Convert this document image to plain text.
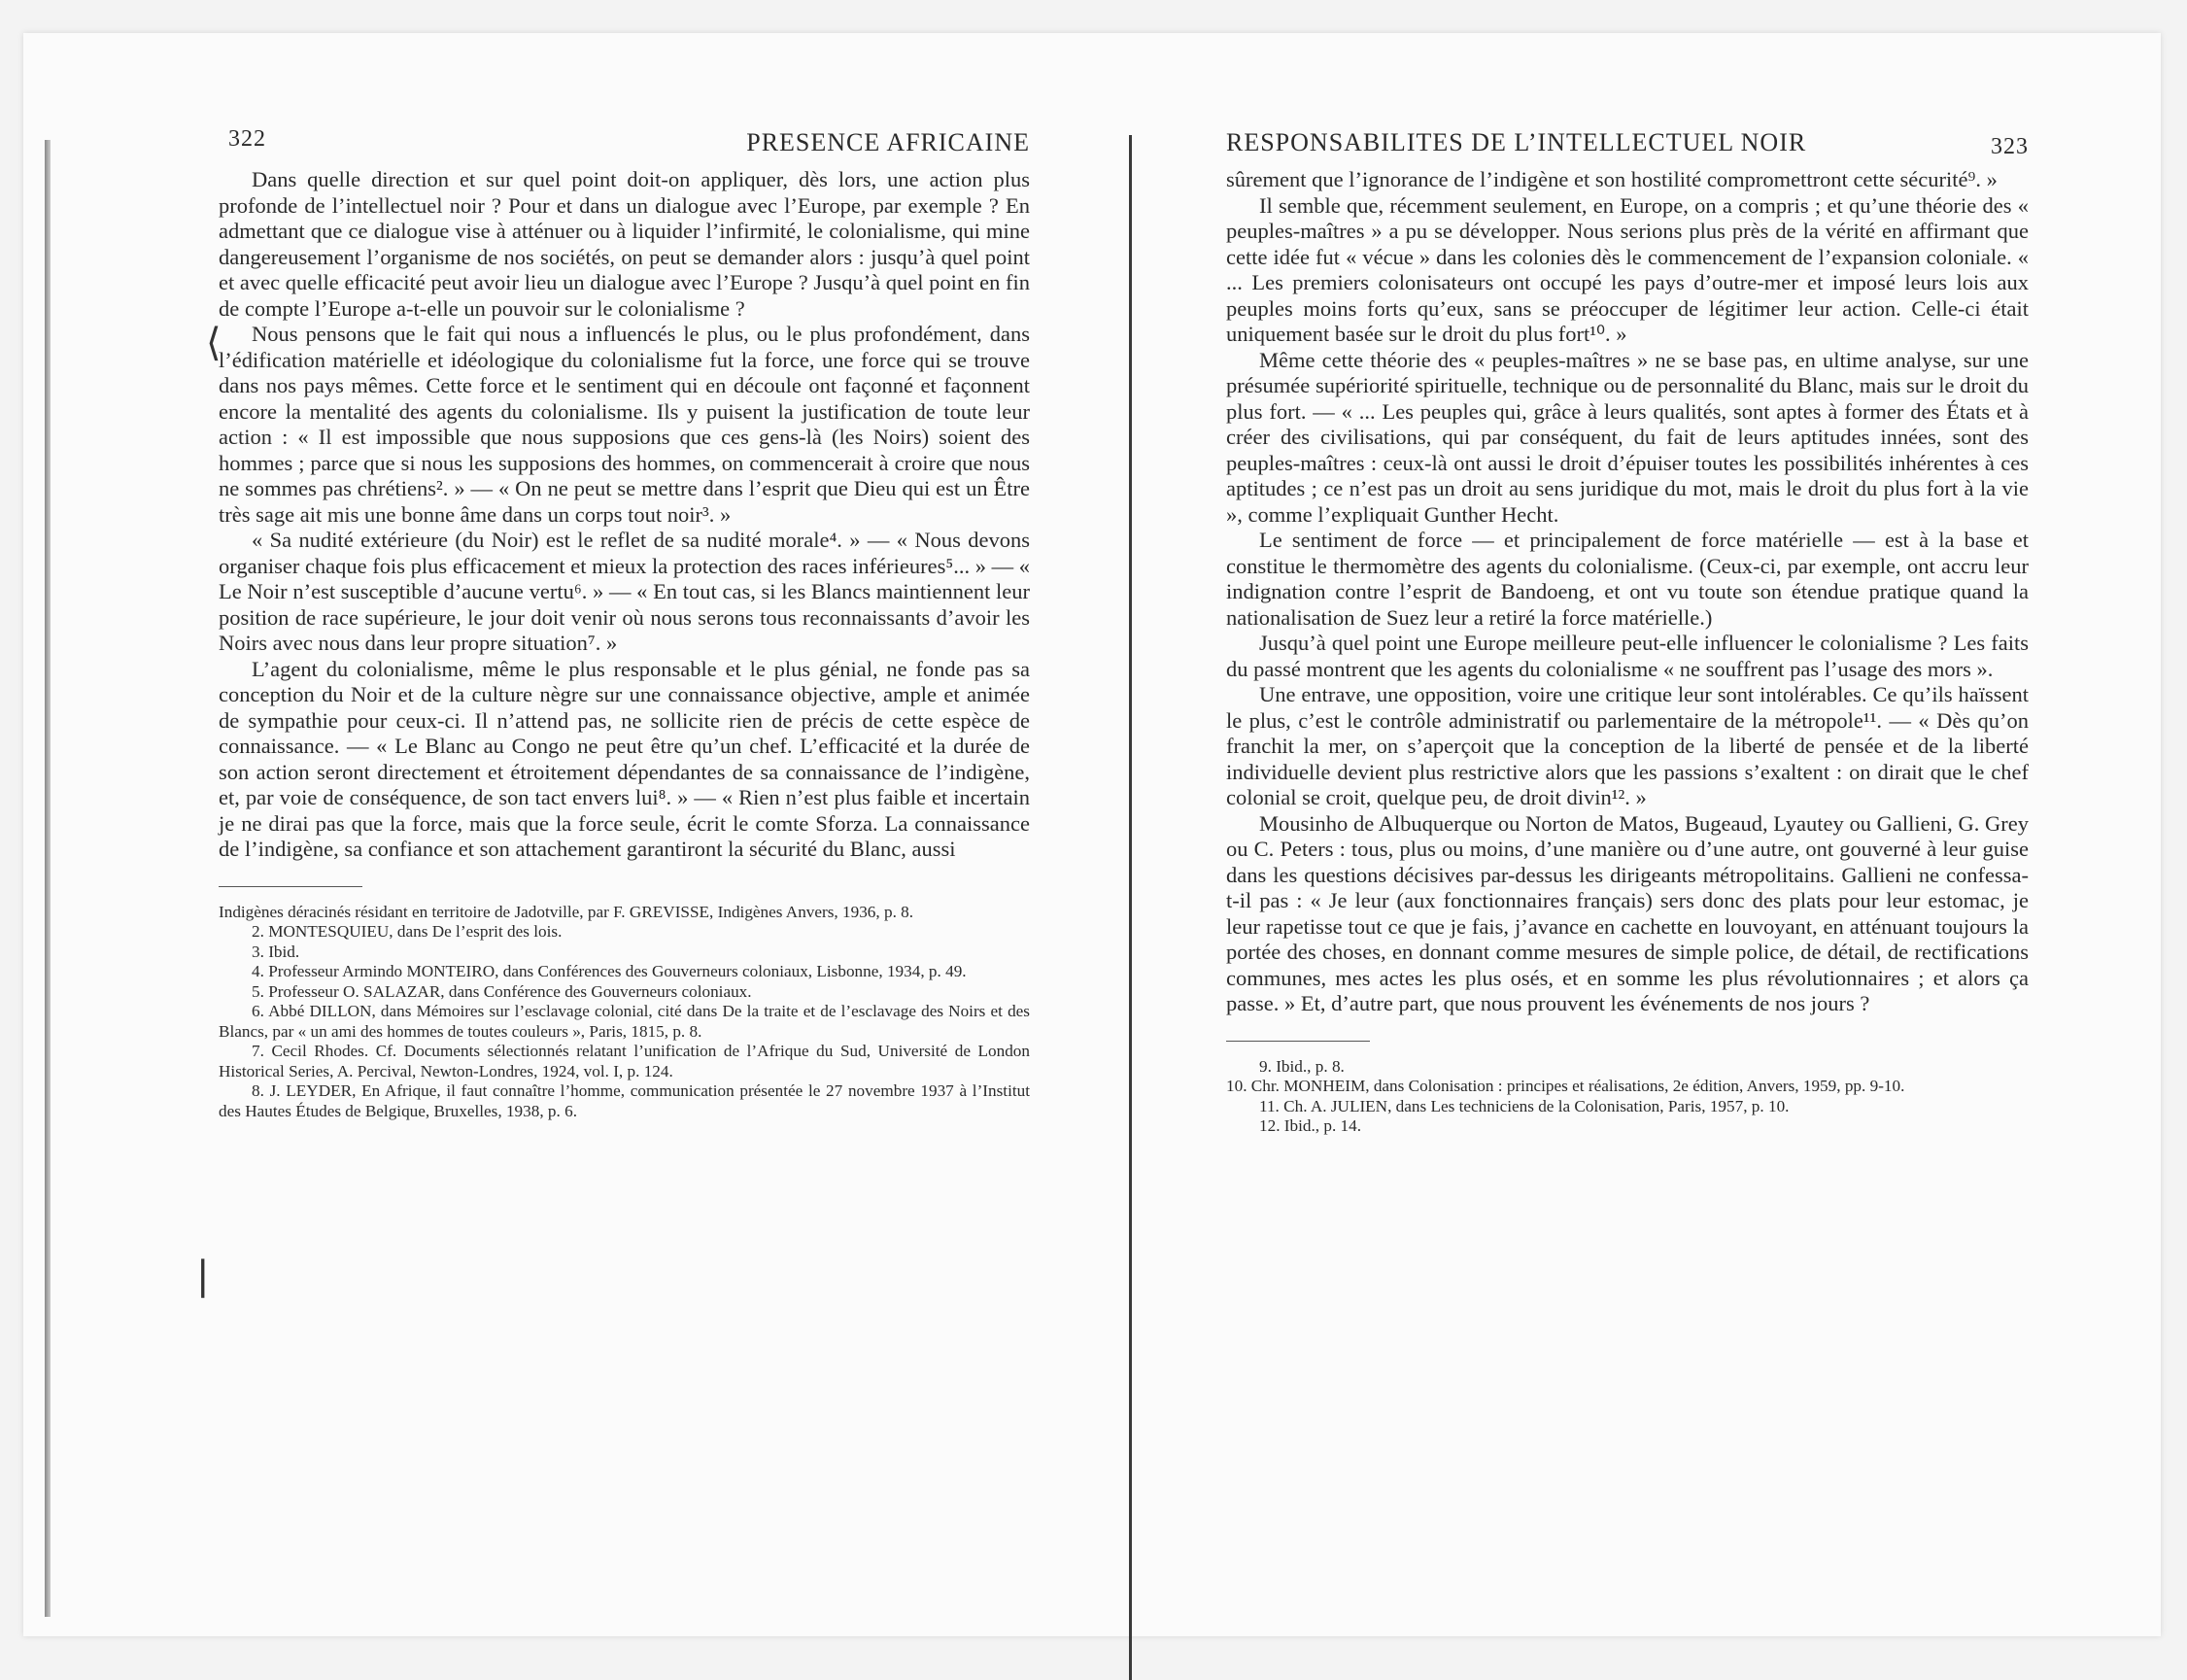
322	PRESENCE AFRICAINE

Dans quelle direction et sur quel point doit-on appliquer, dès lors, une action plus profonde de l’intellectuel noir ? Pour et dans un dialogue avec l’Europe, par exemple ? En admettant que ce dialogue vise à atténuer ou à liquider l’infirmité, le colonialisme, qui mine dangereusement l’organisme de nos sociétés, on peut se demander alors : jusqu’à quel point et avec quelle efficacité peut avoir lieu un dialogue avec l’Europe ? Jusqu’à quel point en fin de compte l’Europe a-t-elle un pouvoir sur le colonialisme ?

Nous pensons que le fait qui nous a influencés le plus, ou le plus profondément, dans l’édification matérielle et idéologique du colonialisme fut la force, une force qui se trouve dans nos pays mêmes. Cette force et le sentiment qui en découle ont façonné et façonnent encore la mentalité des agents du colonialisme. Ils y puisent la justification de toute leur action : « Il est impossible que nous supposions que ces gens-là (les Noirs) soient des hommes ; parce que si nous les supposions des hommes, on commencerait à croire que nous ne sommes pas chrétiens². » — « On ne peut se mettre dans l’esprit que Dieu qui est un Être très sage ait mis une bonne âme dans un corps tout noir³. »

« Sa nudité extérieure (du Noir) est le reflet de sa nudité morale⁴. » — « Nous devons organiser chaque fois plus efficacement et mieux la protection des races inférieures⁵... » — « Le Noir n’est susceptible d’aucune vertu⁶. » — « En tout cas, si les Blancs maintiennent leur position de race supérieure, le jour doit venir où nous serons tous reconnaissants d’avoir les Noirs avec nous dans leur propre situation⁷. »

L’agent du colonialisme, même le plus responsable et le plus génial, ne fonde pas sa conception du Noir et de la culture nègre sur une connaissance objective, ample et animée de sympathie pour ceux-ci. Il n’attend pas, ne sollicite rien de précis de cette espèce de connaissance. — « Le Blanc au Congo ne peut être qu’un chef. L’efficacité et la durée de son action seront directement et étroitement dépendantes de sa connaissance de l’indigène, et, par voie de conséquence, de son tact envers lui⁸. » — « Rien n’est plus faible et incertain je ne dirai pas que la force, mais que la force seule, écrit le comte Sforza. La connaissance de l’indigène, sa confiance et son attachement garantiront la sécurité du Blanc, aussi

Indigènes déracinés résidant en territoire de Jadotville, par F. GREVISSE, Indigènes Anvers, 1936, p. 8.

2. MONTESQUIEU, dans De l’esprit des lois.

3. Ibid.

4. Professeur Armindo MONTEIRO, dans Conférences des Gouverneurs coloniaux, Lisbonne, 1934, p. 49.

5. Professeur O. SALAZAR, dans Conférence des Gouverneurs coloniaux.

6. Abbé DILLON, dans Mémoires sur l’esclavage colonial, cité dans De la traite et de l’esclavage des Noirs et des Blancs, par « un ami des hommes de toutes couleurs », Paris, 1815, p. 8.

7. Cecil Rhodes. Cf. Documents sélectionnés relatant l’unification de l’Afrique du Sud, Université de London Historical Series, A. Percival, Newton-Londres, 1924, vol. I, p. 124.

8. J. LEYDER, En Afrique, il faut connaître l’homme, communication présentée le 27 novembre 1937 à l’Institut des Hautes Études de Belgique, Bruxelles, 1938, p. 6.

RESPONSABILITES DE L’INTELLECTUEL NOIR	323

sûrement que l’ignorance de l’indigène et son hostilité compromettront cette sécurité⁹. »

Il semble que, récemment seulement, en Europe, on a compris ; et qu’une théorie des « peuples-maîtres » a pu se développer. Nous serions plus près de la vérité en affirmant que cette idée fut « vécue » dans les colonies dès le commencement de l’expansion coloniale. « ... Les premiers colonisateurs ont occupé les pays d’outre-mer et imposé leurs lois aux peuples moins forts qu’eux, sans se préoccuper de légitimer leur action. Celle-ci était uniquement basée sur le droit du plus fort¹⁰. »

Même cette théorie des « peuples-maîtres » ne se base pas, en ultime analyse, sur une présumée supériorité spirituelle, technique ou de personnalité du Blanc, mais sur le droit du plus fort. — « ... Les peuples qui, grâce à leurs qualités, sont aptes à former des États et à créer des civilisations, qui par conséquent, du fait de leurs aptitudes innées, sont des peuples-maîtres : ceux-là ont aussi le droit d’épuiser toutes les possibilités inhérentes à ces aptitudes ; ce n’est pas un droit au sens juridique du mot, mais le droit du plus fort à la vie », comme l’expliquait Gunther Hecht.

Le sentiment de force — et principalement de force matérielle — est à la base et constitue le thermomètre des agents du colonialisme. (Ceux-ci, par exemple, ont accru leur indignation contre l’esprit de Bandoeng, et ont vu toute son étendue pratique quand la nationalisation de Suez leur a retiré la force matérielle.)

Jusqu’à quel point une Europe meilleure peut-elle influencer le colonialisme ? Les faits du passé montrent que les agents du colonialisme « ne souffrent pas l’usage des mors ».

Une entrave, une opposition, voire une critique leur sont intolérables. Ce qu’ils haïssent le plus, c’est le contrôle administratif ou parlementaire de la métropole¹¹. — « Dès qu’on franchit la mer, on s’aperçoit que la conception de la liberté de pensée et de la liberté individuelle devient plus restrictive alors que les passions s’exaltent : on dirait que le chef colonial se croit, quelque peu, de droit divin¹². »

Mousinho de Albuquerque ou Norton de Matos, Bugeaud, Lyautey ou Gallieni, G. Grey ou C. Peters : tous, plus ou moins, d’une manière ou d’une autre, ont gouverné à leur guise dans les questions décisives par-dessus les dirigeants métropolitains. Gallieni ne confessa-t-il pas : « Je leur (aux fonctionnaires français) sers donc des plats pour leur estomac, je leur rapetisse tout ce que je fais, j’avance en cachette en louvoyant, en atténuant toujours la portée des choses, en donnant comme mesures de simple police, de détail, de rectifications communes, mes actes les plus osés, et en somme les plus révolutionnaires ; et alors ça passe. » Et, d’autre part, que nous prouvent les événements de nos jours ?

9. Ibid., p. 8.

10. Chr. MONHEIM, dans Colonisation : principes et réalisations, 2e édition, Anvers, 1959, pp. 9-10.

11. Ch. A. JULIEN, dans Les techniciens de la Colonisation, Paris, 1957, p. 10.

12. Ibid., p. 14.

⟨
|
